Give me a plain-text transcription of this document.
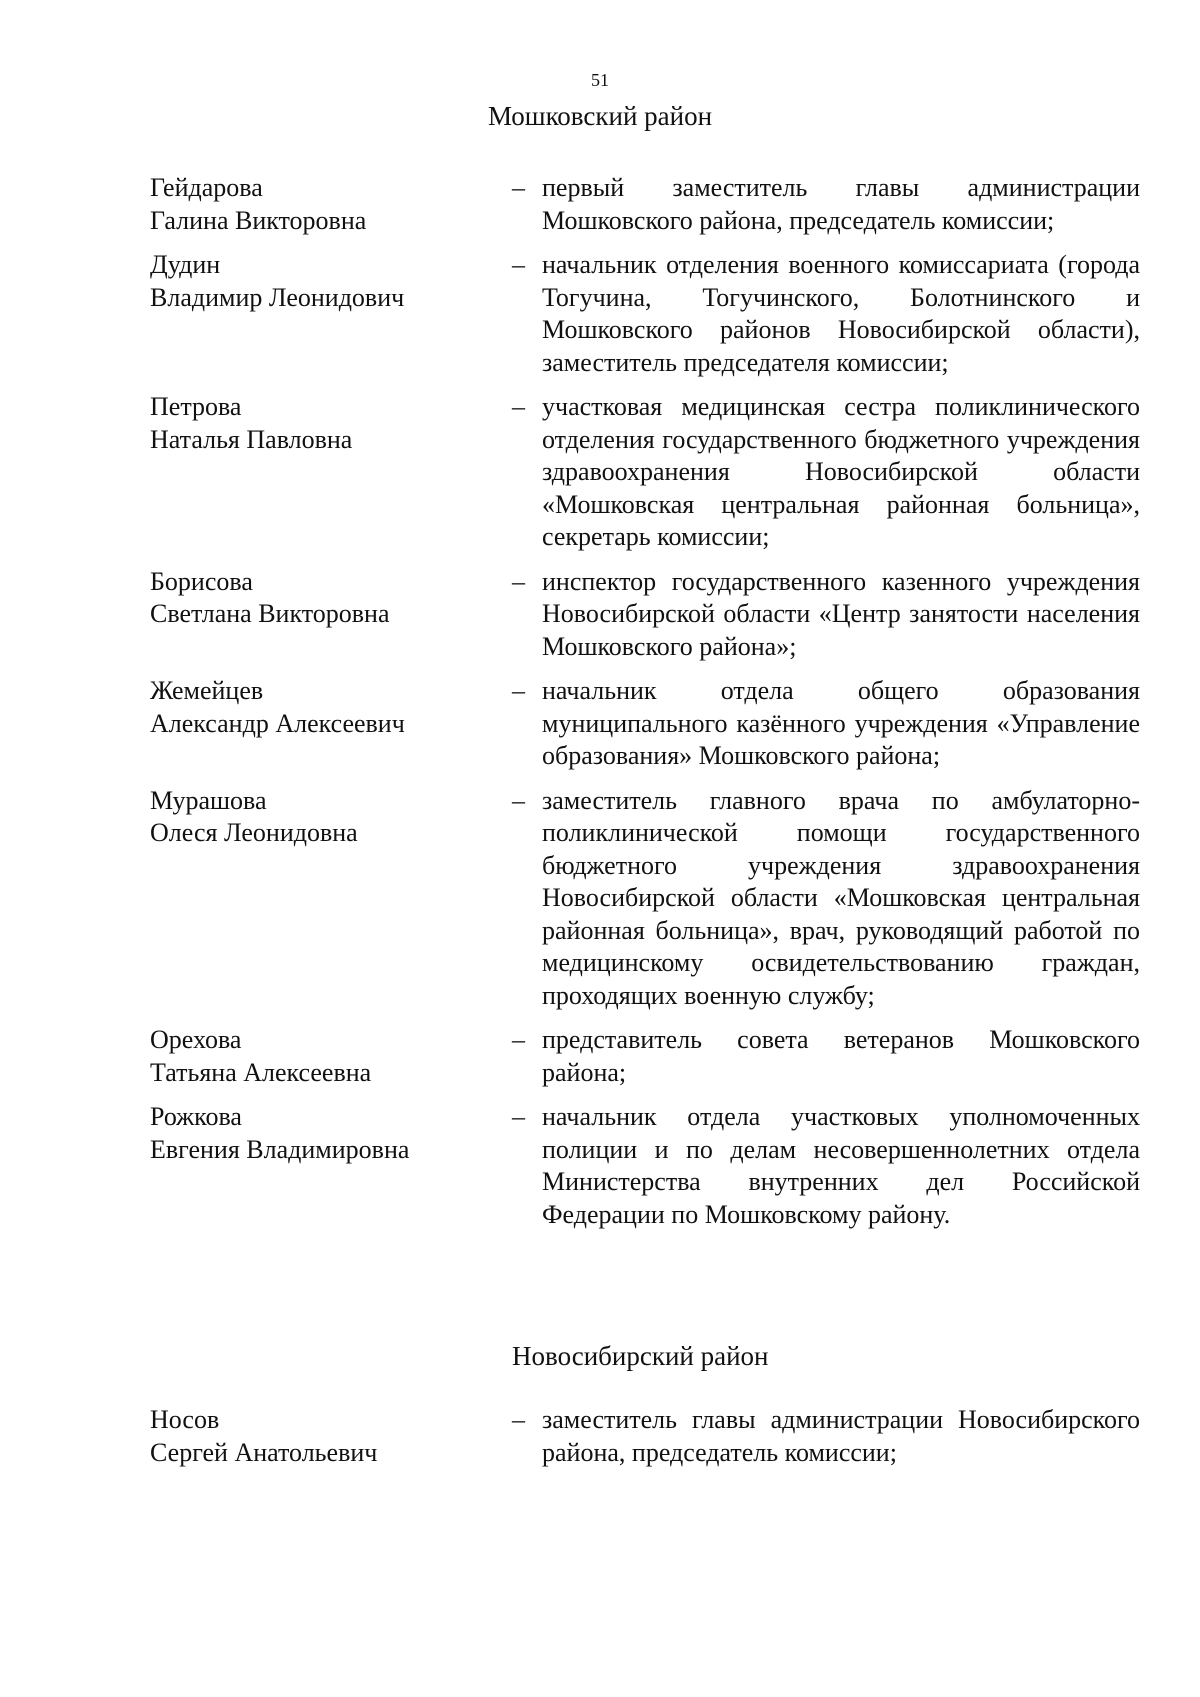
51
Мошковский район
Гейдарова
Галина Викторовна
– первый заместитель главы администрации Мошковского района, председатель комиссии;
Дудин
Владимир Леонидович
– начальник отделения военного комиссариата (города Тогучина, Тогучинского, Болотнинского и Мошковского районов Новосибирской области), заместитель председателя комиссии;
Петрова
Наталья Павловна
– участковая медицинская сестра поликлинического отделения государственного бюджетного учреждения здравоохранения Новосибирской области «Мошковская центральная районная больница», секретарь комиссии;
Борисова
Светлана Викторовна
– инспектор государственного казенного учреждения Новосибирской области «Центр занятости населения Мошковского района»;
Жемейцев
Александр Алексеевич
– начальник отдела общего образования муниципального казённого учреждения «Управление образования» Мошковского района;
Мурашова
Олеся Леонидовна
– заместитель главного врача по амбулаторно-поликлинической помощи государственного бюджетного учреждения здравоохранения Новосибирской области «Мошковская центральная районная больница», врач, руководящий работой по медицинскому освидетельствованию граждан, проходящих военную службу;
Орехова
Татьяна Алексеевна
– представитель совета ветеранов Мошковского района;
Рожкова
Евгения Владимировна
– начальник отдела участковых уполномоченных полиции и по делам несовершеннолетних отдела Министерства внутренних дел Российской Федерации по Мошковскому району.
Новосибирский район
Носов
Сергей Анатольевич
– заместитель главы администрации Новосибирского района, председатель комиссии;
